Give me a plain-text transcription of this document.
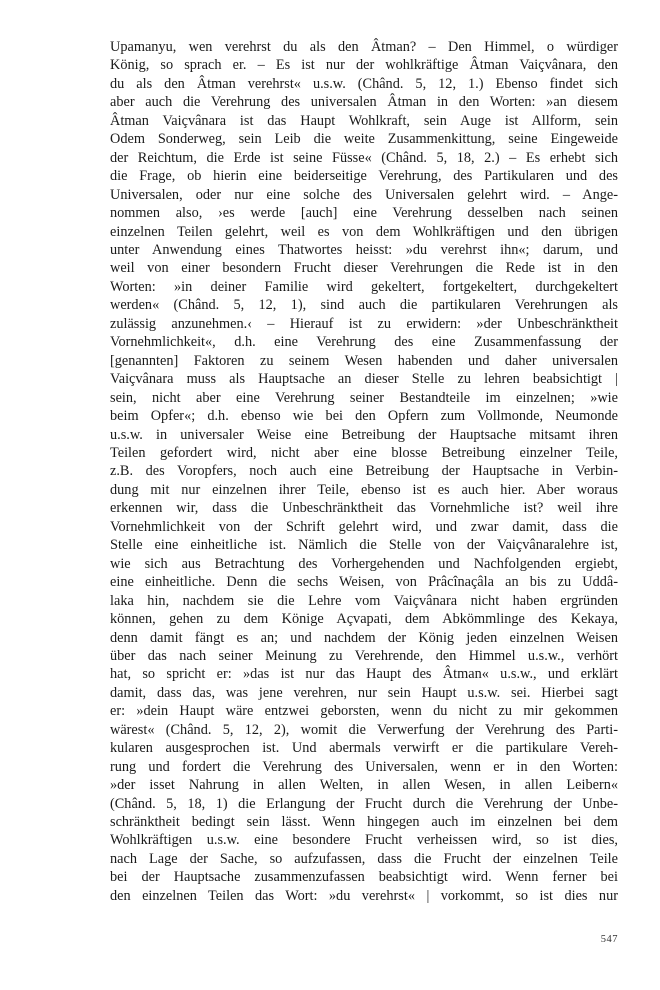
Upamanyu, wen verehrst du als den Âtman? – Den Himmel, o würdiger
König, so sprach er. – Es ist nur der wohlkräftige Âtman Vaiçvânara, den
du als den Âtman verehrst« u.s.w. (Chând. 5, 12, 1.) Ebenso findet sich
aber auch die Verehrung des universalen Âtman in den Worten: »an diesem
Âtman Vaiçvânara ist das Haupt Wohlkraft, sein Auge ist Allform, sein
Odem Sonderweg, sein Leib die weite Zusammenkittung, seine Eingeweide
der Reichtum, die Erde ist seine Füsse« (Chând. 5, 18, 2.) – Es erhebt sich
die Frage, ob hierin eine beiderseitige Verehrung, des Partikularen und des
Universalen, oder nur eine solche des Universalen gelehrt wird. – Ange-
nommen also, ›es werde [auch] eine Verehrung desselben nach seinen
einzelnen Teilen gelehrt, weil es von dem Wohlkräftigen und den übrigen
unter Anwendung eines Thatwortes heisst: »du verehrst ihn«; darum, und
weil von einer besondern Frucht dieser Verehrungen die Rede ist in den
Worten: »in deiner Familie wird gekeltert, fortgekeltert, durchgekeltert
werden« (Chând. 5, 12, 1), sind auch die partikularen Verehrungen als
zulässig anzunehmen.‹ – Hierauf ist zu erwidern: »der Unbeschränktheit
Vornehmlichkeit«, d.h. eine Verehrung des eine Zusammenfassung der
[genannten] Faktoren zu seinem Wesen habenden und daher universalen
Vaiçvânara muss als Hauptsache an dieser Stelle zu lehren beabsichtigt |
sein, nicht aber eine Verehrung seiner Bestandteile im einzelnen; »wie
beim Opfer«; d.h. ebenso wie bei den Opfern zum Vollmonde, Neumonde
u.s.w. in universaler Weise eine Betreibung der Hauptsache mitsamt ihren
Teilen gefordert wird, nicht aber eine blosse Betreibung einzelner Teile,
z.B. des Voropfers, noch auch eine Betreibung der Hauptsache in Verbin-
dung mit nur einzelnen ihrer Teile, ebenso ist es auch hier. Aber woraus
erkennen wir, dass die Unbeschränktheit das Vornehmliche ist? weil ihre
Vornehmlichkeit von der Schrift gelehrt wird, und zwar damit, dass die
Stelle eine einheitliche ist. Nämlich die Stelle von der Vaiçvânaralehre ist,
wie sich aus Betrachtung des Vorhergehenden und Nachfolgenden ergiebt,
eine einheitliche. Denn die sechs Weisen, von Prâcînaçâla an bis zu Uddâ-
laka hin, nachdem sie die Lehre vom Vaiçvânara nicht haben ergründen
können, gehen zu dem Könige Açvapati, dem Abkömmlinge des Kekaya,
denn damit fängt es an; und nachdem der König jeden einzelnen Weisen
über das nach seiner Meinung zu Verehrende, den Himmel u.s.w., verhört
hat, so spricht er: »das ist nur das Haupt des Âtman« u.s.w., und erklärt
damit, dass das, was jene verehren, nur sein Haupt u.s.w. sei. Hierbei sagt
er: »dein Haupt wäre entzwei geborsten, wenn du nicht zu mir gekommen
wärest« (Chând. 5, 12, 2), womit die Verwerfung der Verehrung des Parti-
kularen ausgesprochen ist. Und abermals verwirft er die partikulare Vereh-
rung und fordert die Verehrung des Universalen, wenn er in den Worten:
»der isset Nahrung in allen Welten, in allen Wesen, in allen Leibern«
(Chând. 5, 18, 1) die Erlangung der Frucht durch die Verehrung der Unbe-
schränktheit bedingt sein lässt. Wenn hingegen auch im einzelnen bei dem
Wohlkräftigen u.s.w. eine besondere Frucht verheissen wird, so ist dies,
nach Lage der Sache, so aufzufassen, dass die Frucht der einzelnen Teile
bei der Hauptsache zusammenzufassen beabsichtigt wird. Wenn ferner bei
den einzelnen Teilen das Wort: »du verehrst« | vorkommt, so ist dies nur
547
